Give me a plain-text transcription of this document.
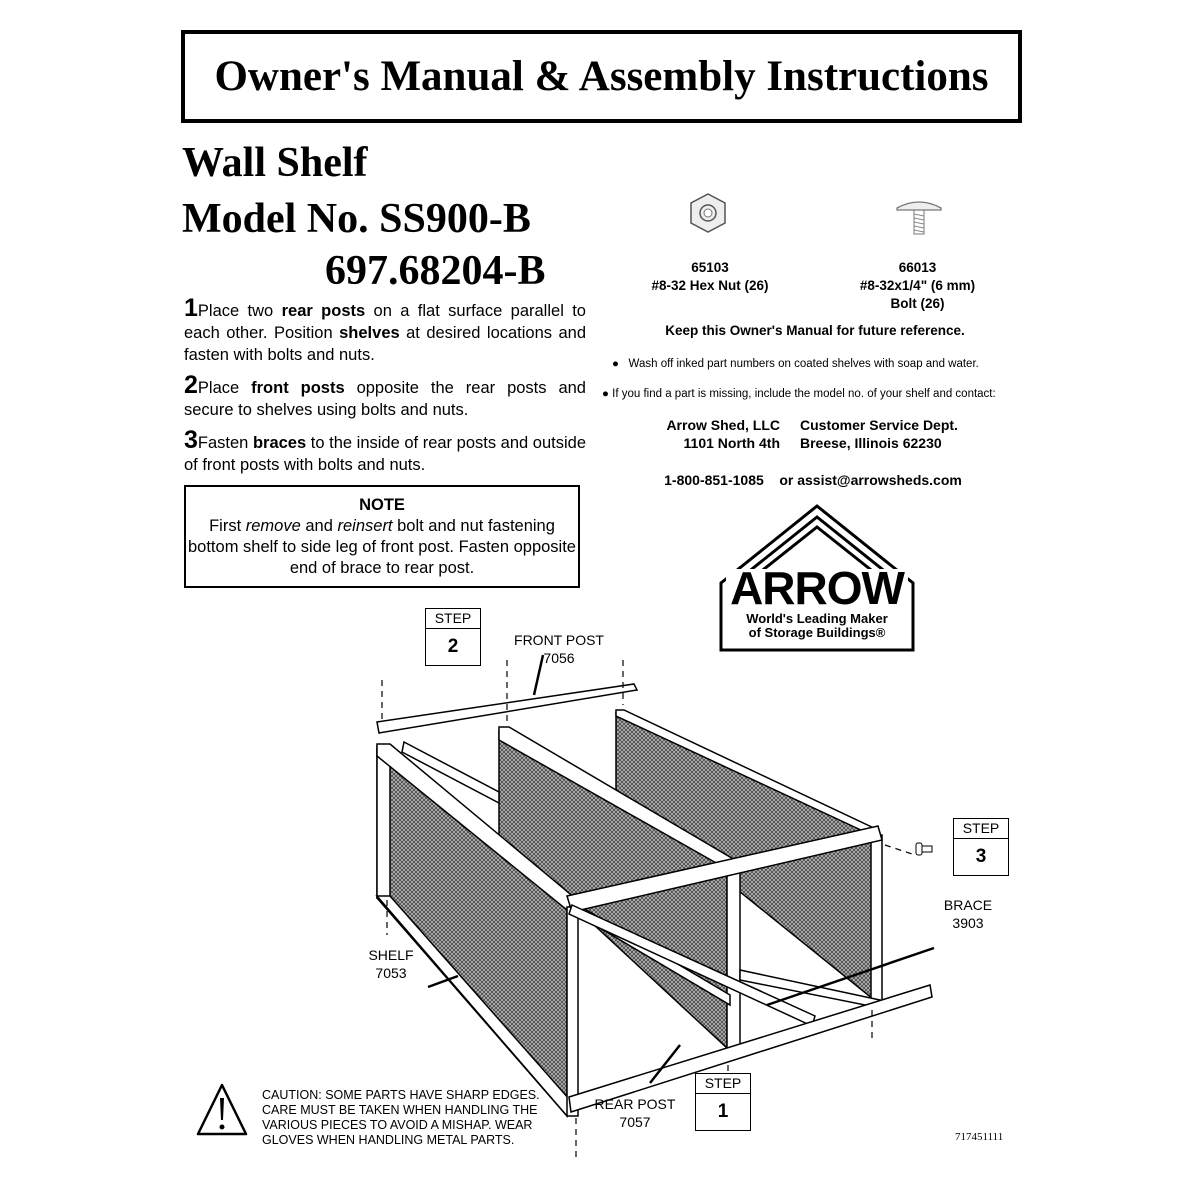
Owner's Manual & Assembly Instructions
Wall Shelf
Model No. SS900-B
697.68204-B

1Place two rear posts on a flat surface parallel to each other. Position shelves at desired locations and fasten with bolts and nuts.

2Place front posts opposite the rear posts and secure to shelves using bolts and nuts.

3Fasten braces to the inside of rear posts and outside of front posts with bolts and nuts.

NOTE
First remove and reinsert bolt and nut fastening bottom shelf to side leg of front post. Fasten opposite end of brace to rear post.
65103
#8-32 Hex Nut (26)
66013
#8-32x1/4" (6 mm)
Bolt (26)
Keep this Owner's Manual for future reference.
●   Wash off inked part numbers on coated shelves with soap and water.
● If you find a part is missing, include the model no. of your shelf and contact:
Arrow Shed, LLC
1101 North 4th
Customer Service Dept.
Breese, Illinois 62230
1-800-851-1085    or assist@arrowsheds.com
ARROW
World's Leading Maker
of Storage Buildings®
FRONT POST
7056
BRACE
3903
SHELF
7053
REAR POST
7057
STEP
2
STEP
3
STEP
1
CAUTION: SOME PARTS HAVE SHARP EDGES.
CARE MUST BE TAKEN WHEN HANDLING THE
VARIOUS PIECES TO AVOID A MISHAP. WEAR
GLOVES WHEN HANDLING METAL PARTS.	717451111
